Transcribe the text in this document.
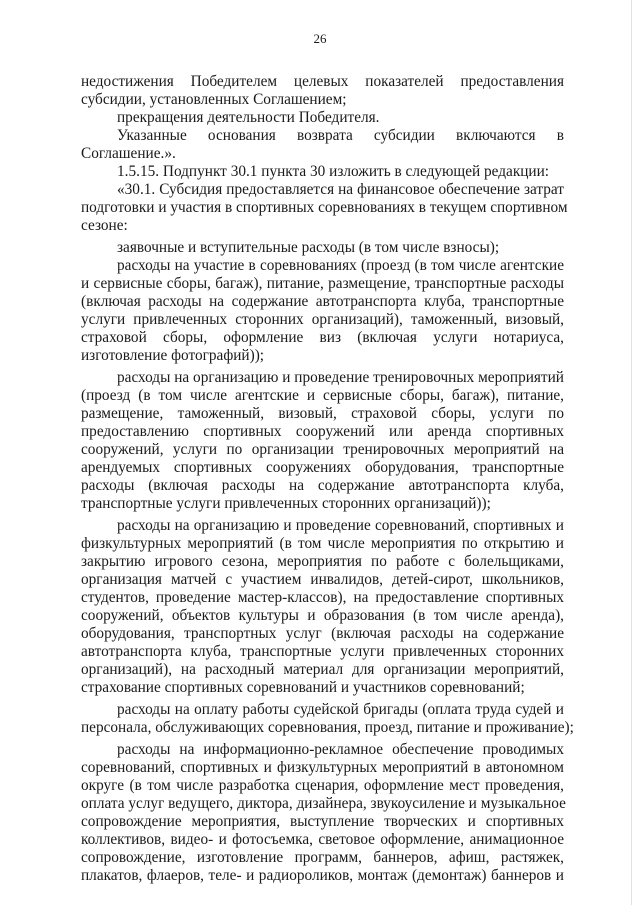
26
недостижения Победителем целевых показателей предоставления
субсидии, установленных Соглашением;
прекращения деятельности Победителя.
Указанные основания возврата субсидии включаются в
Соглашение.».
1.5.15. Подпункт 30.1 пункта 30 изложить в следующей редакции:
«30.1. Субсидия предоставляется на финансовое обеспечение затрат
подготовки и участия в спортивных соревнованиях в текущем спортивном
сезоне:
заявочные и вступительные расходы (в том числе взносы);
расходы на участие в соревнованиях (проезд (в том числе агентские
и сервисные сборы, багаж), питание, размещение, транспортные расходы
(включая расходы на содержание автотранспорта клуба, транспортные
услуги привлеченных сторонних организаций), таможенный, визовый,
страховой сборы, оформление виз (включая услуги нотариуса,
изготовление фотографий));
расходы на организацию и проведение тренировочных мероприятий
(проезд (в том числе агентские и сервисные сборы, багаж), питание,
размещение, таможенный, визовый, страховой сборы, услуги по
предоставлению спортивных сооружений или аренда спортивных
сооружений, услуги по организации тренировочных мероприятий на
арендуемых спортивных сооружениях оборудования, транспортные
расходы (включая расходы на содержание автотранспорта клуба,
транспортные услуги привлеченных сторонних организаций));
расходы на организацию и проведение соревнований, спортивных и
физкультурных мероприятий (в том числе мероприятия по открытию и
закрытию игрового сезона, мероприятия по работе с болельщиками,
организация матчей с участием инвалидов, детей-сирот, школьников,
студентов, проведение мастер-классов), на предоставление спортивных
сооружений, объектов культуры и образования (в том числе аренда),
оборудования, транспортных услуг (включая расходы на содержание
автотранспорта клуба, транспортные услуги привлеченных сторонних
организаций), на расходный материал для организации мероприятий,
страхование спортивных соревнований и участников соревнований;
расходы на оплату работы судейской бригады (оплата труда судей и
персонала, обслуживающих соревнования, проезд, питание и проживание);
расходы на информационно-рекламное обеспечение проводимых
соревнований, спортивных и физкультурных мероприятий в автономном
округе (в том числе разработка сценария, оформление мест проведения,
оплата услуг ведущего, диктора, дизайнера, звукоусиление и музыкальное
сопровождение мероприятия, выступление творческих и спортивных
коллективов, видео- и фотосъемка, световое оформление, анимационное
сопровождение, изготовление программ, баннеров, афиш, растяжек,
плакатов, флаеров, теле- и радиороликов, монтаж (демонтаж) баннеров и
